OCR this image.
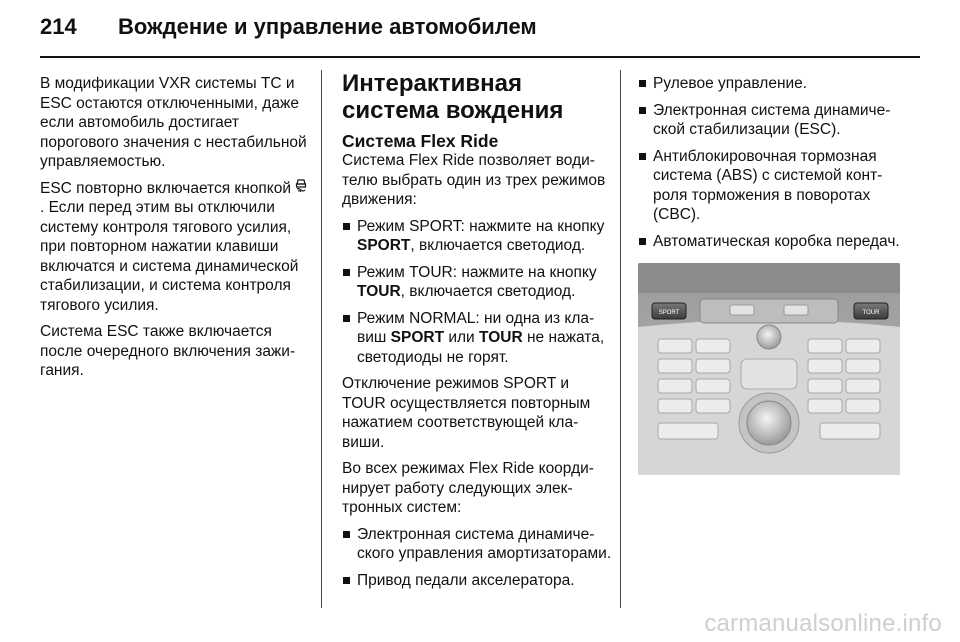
214	Вождение и управление автомобилем

В модификации VXR системы TC и ESC остаются отключенными, даже если автомобиль достигает порогового значения с нестабильной управляемостью.

ESC повторно включается кнопкой . Если перед этим вы отключили систему контроля тягового усилия, при повторном нажатии клавиши включатся и система динамической стабилизации, и система контроля тягового усилия.

Система ESC также включается после очередного включения зажигания.

Интерактивная система вождения
Система Flex Ride

Система Flex Ride позволяет водителю выбрать один из трех режимов движения:

Режим SPORT: нажмите на кнопку SPORT, включается светодиод.
Режим TOUR: нажмите на кнопку TOUR, включается светодиод.
Режим NORMAL: ни одна из клавиш SPORT или TOUR не нажата, светодиоды не горят.

Отключение режимов SPORT и TOUR осуществляется повторным нажатием соответствующей клавиши.

Во всех режимах Flex Ride координирует работу следующих электронных систем:

Электронная система динамического управления амортизаторами.
Привод педали акселератора.
Рулевое управление.
Электронная система динамической стабилизации (ESC).
Антиблокировочная тормозная система (ABS) с системой контроля торможения в поворотах (CBC).
Автоматическая коробка передач.
SPORT	TOUR
carmanualsonline.info
